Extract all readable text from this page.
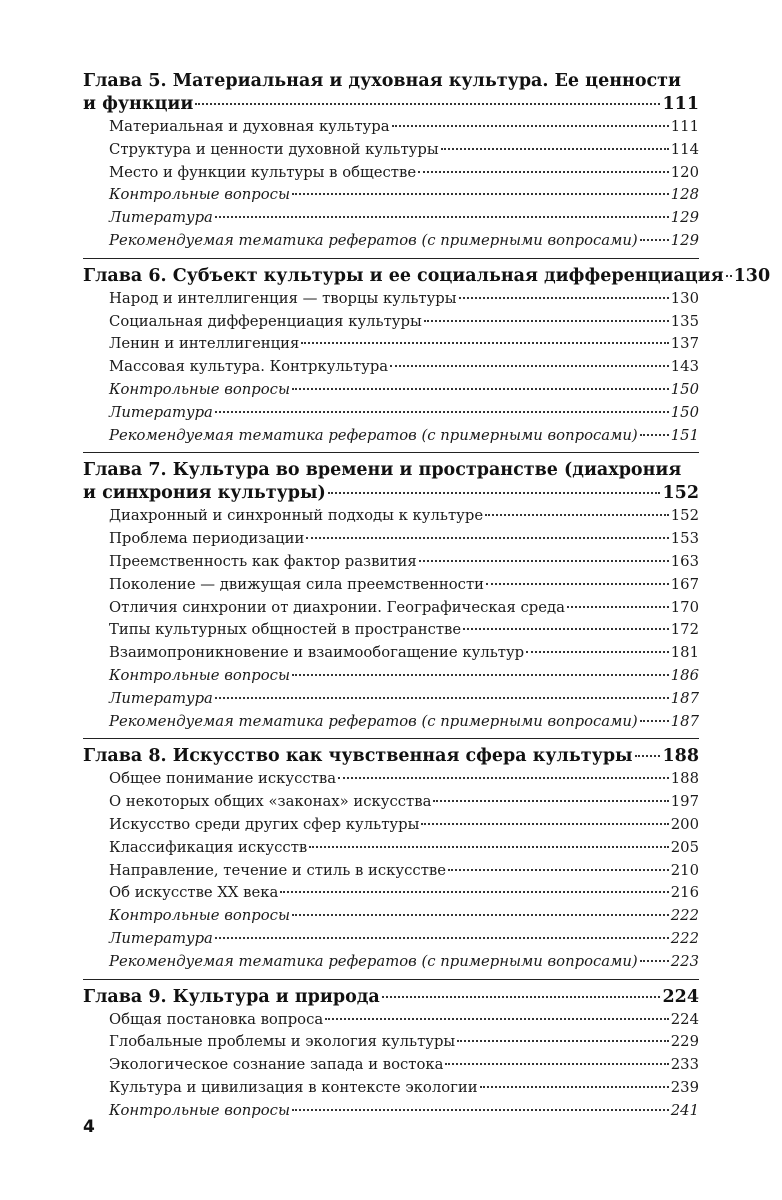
Глава 5. Материальная и духовная культура. Ее ценности
и функции	111
Материальная и духовная культура	111
Структура и ценности духовной культуры	114
Место и функции культуры в обществе	120
Контрольные вопросы	128
Литература	129
Рекомендуемая тематика рефератов (с примерными вопросами) 129
Глава 6. Субъект культуры и ее социальная дифференциация 130
Народ и интеллигенция — творцы культуры	130
Социальная дифференциация культуры	135
Ленин и интеллигенция	137
Массовая культура. Контркультура	143
Контрольные вопросы	150
Литература	150
Рекомендуемая тематика рефератов (с примерными вопросами) 151
Глава 7. Культура во времени и пространстве (диахрония
и синхрония культуры)	152
Диахронный и синхронный подходы к культуре	152
Проблема периодизации	153
Преемственность как фактор развития	163
Поколение — движущая сила преемственности	167
Отличия синхронии от диахронии. Географическая среда	170
Типы культурных общностей в пространстве	172
Взаимопроникновение и взаимообогащение культур	181
Контрольные вопросы	186
Литература	187
Рекомендуемая тематика рефератов (с примерными вопросами) 187
Глава 8. Искусство как чувственная сфера культуры 188
Общее понимание искусства	188
О некоторых общих «законах» искусства	197
Искусство среди других сфер культуры	200
Классификация искусств	205
Направление, течение и стиль в искусстве	210
Об искусстве XX века	216
Контрольные вопросы	222
Литература	222
Рекомендуемая тематика рефератов (с примерными вопросами) 223
Глава 9. Культура и природа	224
Общая постановка вопроса	224
Глобальные проблемы и экология культуры	229
Экологическое сознание запада и востока	233
Культура и цивилизация в контексте экологии	239
Контрольные вопросы	241
4
